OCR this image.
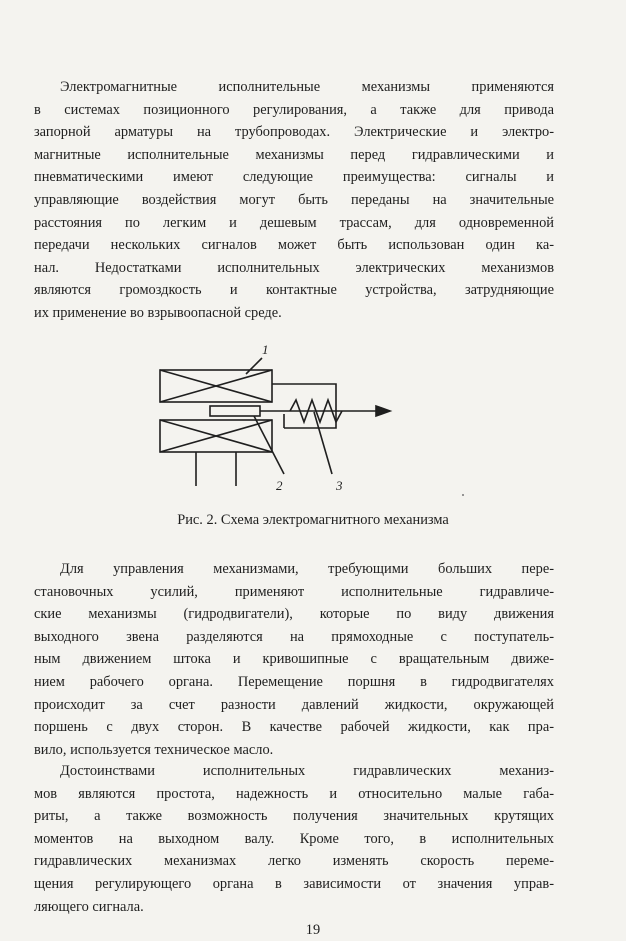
Электромагнитные исполнительные механизмы применяются
в системах позиционного регулирования, а также для привода
запорной арматуры на трубопроводах. Электрические и электро-
магнитные исполнительные механизмы перед гидравлическими и
пневматическими имеют следующие преимущества: сигналы и
управляющие воздействия могут быть переданы на значительные
расстояния по легким и дешевым трассам, для одновременной
передачи нескольких сигналов может быть использован один ка-
нал. Недостатками исполнительных электрических механизмов
являются громоздкость и контактные устройства, затрудняющие
их применение во взрывоопасной среде.
1
2	3
Рис. 2. Схема электромагнитного механизма
Для управления механизмами, требующими больших пере-
становочных усилий, применяют исполнительные гидравличе-
ские механизмы (гидродвигатели), которые по виду движения
выходного звена разделяются на прямоходные с поступатель-
ным движением штока и кривошипные с вращательным движе-
нием рабочего органа. Перемещение поршня в гидродвигателях
происходит за счет разности давлений жидкости, окружающей
поршень с двух сторон. В качестве рабочей жидкости, как пра-
вило, используется техническое масло.
Достоинствами исполнительных гидравлических механиз-
мов являются простота, надежность и относительно малые габа-
риты, а также возможность получения значительных крутящих
моментов на выходном валу. Кроме того, в исполнительных
гидравлических механизмах легко изменять скорость переме-
щения регулирующего органа в зависимости от значения управ-
ляющего сигнала.
19
